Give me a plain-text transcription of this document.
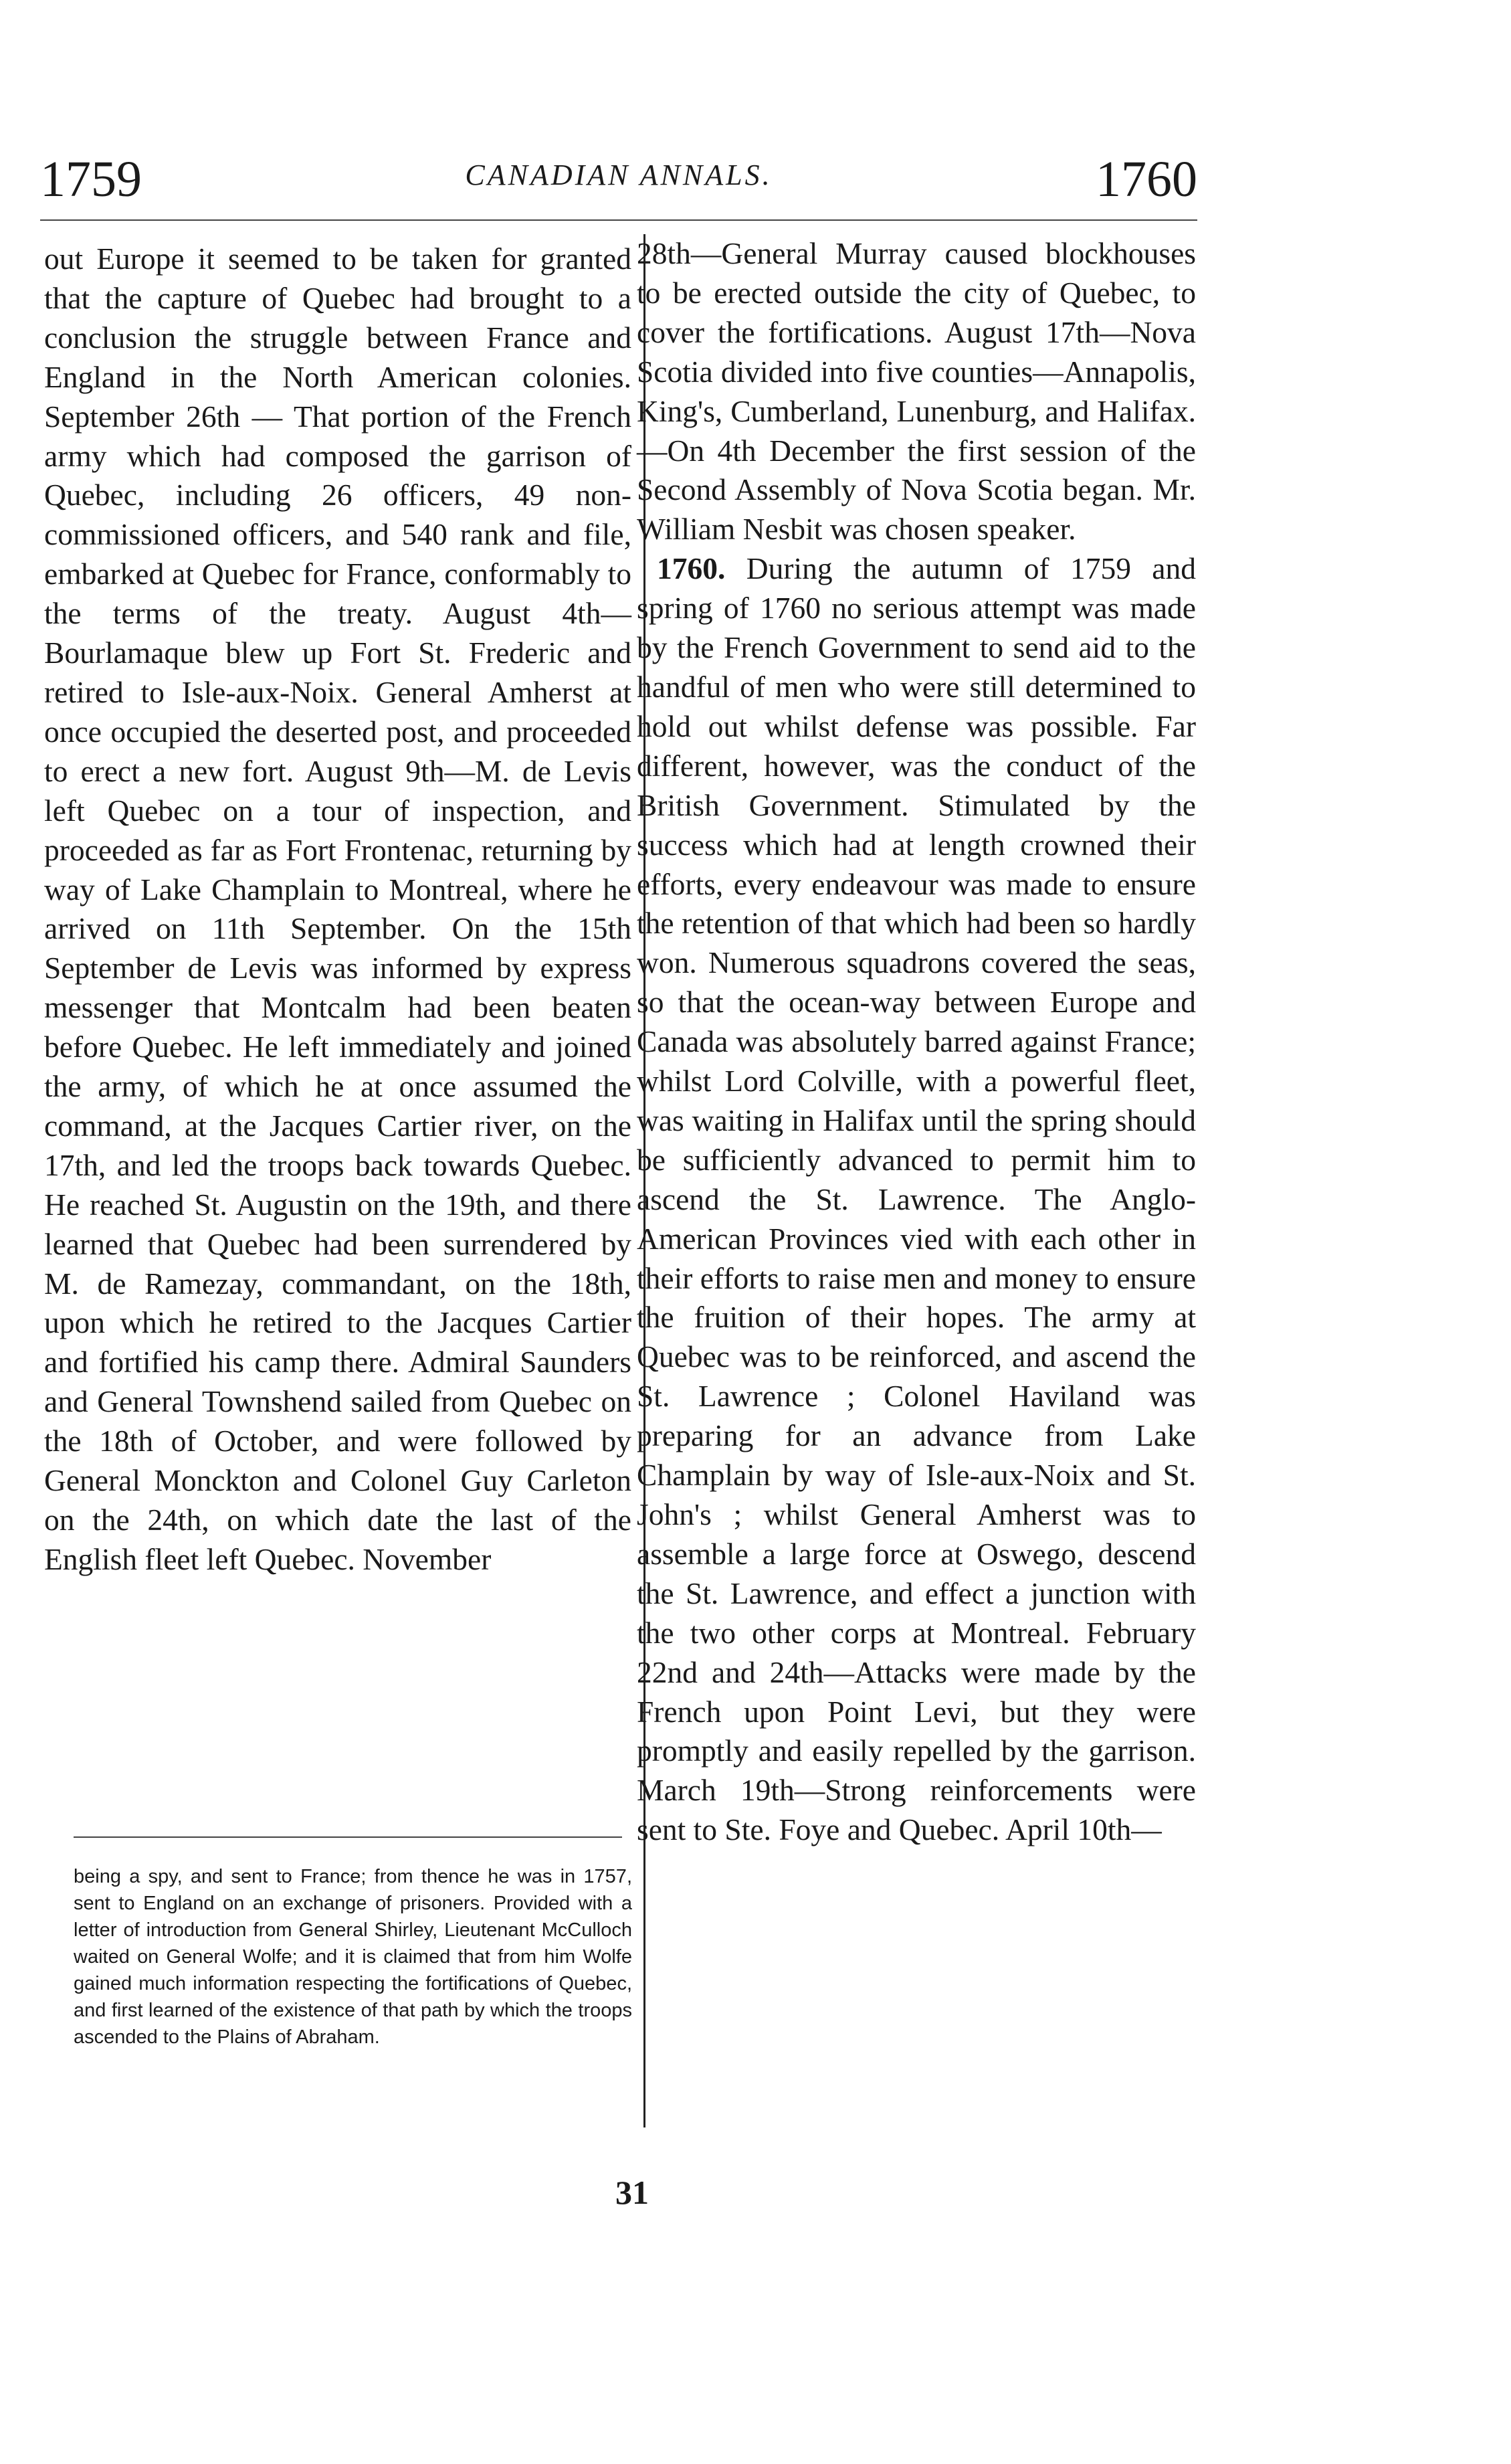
1759	CANADIAN ANNALS.	1760

out Europe it seemed to be taken for granted that the capture of Quebec had brought to a conclusion the struggle between France and England in the North American colonies. September 26th — That portion of the French army which had composed the garrison of Quebec, including 26 officers, 49 non-commissioned officers, and 540 rank and file, embarked at Quebec for France, conformably to the terms of the treaty. August 4th—Bourlamaque blew up Fort St. Frederic and retired to Isle-aux-Noix. General Amherst at once occupied the deserted post, and proceeded to erect a new fort. August 9th—M. de Levis left Quebec on a tour of inspection, and proceeded as far as Fort Frontenac, returning by way of Lake Champlain to Montreal, where he arrived on 11th September. On the 15th September de Levis was informed by express messenger that Montcalm had been beaten before Quebec. He left immediately and joined the army, of which he at once assumed the command, at the Jacques Cartier river, on the 17th, and led the troops back towards Quebec. He reached St. Augustin on the 19th, and there learned that Quebec had been surrendered by M. de Ramezay, commandant, on the 18th, upon which he retired to the Jacques Cartier and fortified his camp there. Admiral Saunders and General Townshend sailed from Quebec on the 18th of October, and were followed by General Monckton and Colonel Guy Carleton on the 24th, on which date the last of the English fleet left Quebec. November

28th—General Murray caused blockhouses to be erected outside the city of Quebec, to cover the fortifications. August 17th—Nova Scotia divided into five counties—Annapolis, King's, Cumberland, Lunenburg, and Halifax.—On 4th December the first session of the Second Assembly of Nova Scotia began. Mr. William Nesbit was chosen speaker.

1760. During the autumn of 1759 and spring of 1760 no serious attempt was made by the French Government to send aid to the handful of men who were still determined to hold out whilst defense was possible. Far different, however, was the conduct of the British Government. Stimulated by the success which had at length crowned their efforts, every endeavour was made to ensure the retention of that which had been so hardly won. Numerous squadrons covered the seas, so that the ocean-way between Europe and Canada was absolutely barred against France; whilst Lord Colville, with a powerful fleet, was waiting in Halifax until the spring should be sufficiently advanced to permit him to ascend the St. Lawrence. The Anglo-American Provinces vied with each other in their efforts to raise men and money to ensure the fruition of their hopes. The army at Quebec was to be reinforced, and ascend the St. Lawrence ; Colonel Haviland was preparing for an advance from Lake Champlain by way of Isle-aux-Noix and St. John's ; whilst General Amherst was to assemble a large force at Oswego, descend the St. Lawrence, and effect a junction with the two other corps at Montreal. February 22nd and 24th—Attacks were made by the French upon Point Levi, but they were promptly and easily repelled by the garrison. March 19th—Strong reinforcements were sent to Ste. Foye and Quebec. April 10th—

being a spy, and sent to France; from thence he was in 1757, sent to England on an exchange of prisoners. Provided with a letter of introduction from General Shirley, Lieutenant McCulloch waited on General Wolfe; and it is claimed that from him Wolfe gained much information respecting the fortifications of Quebec, and first learned of the existence of that path by which the troops ascended to the Plains of Abraham.
31
